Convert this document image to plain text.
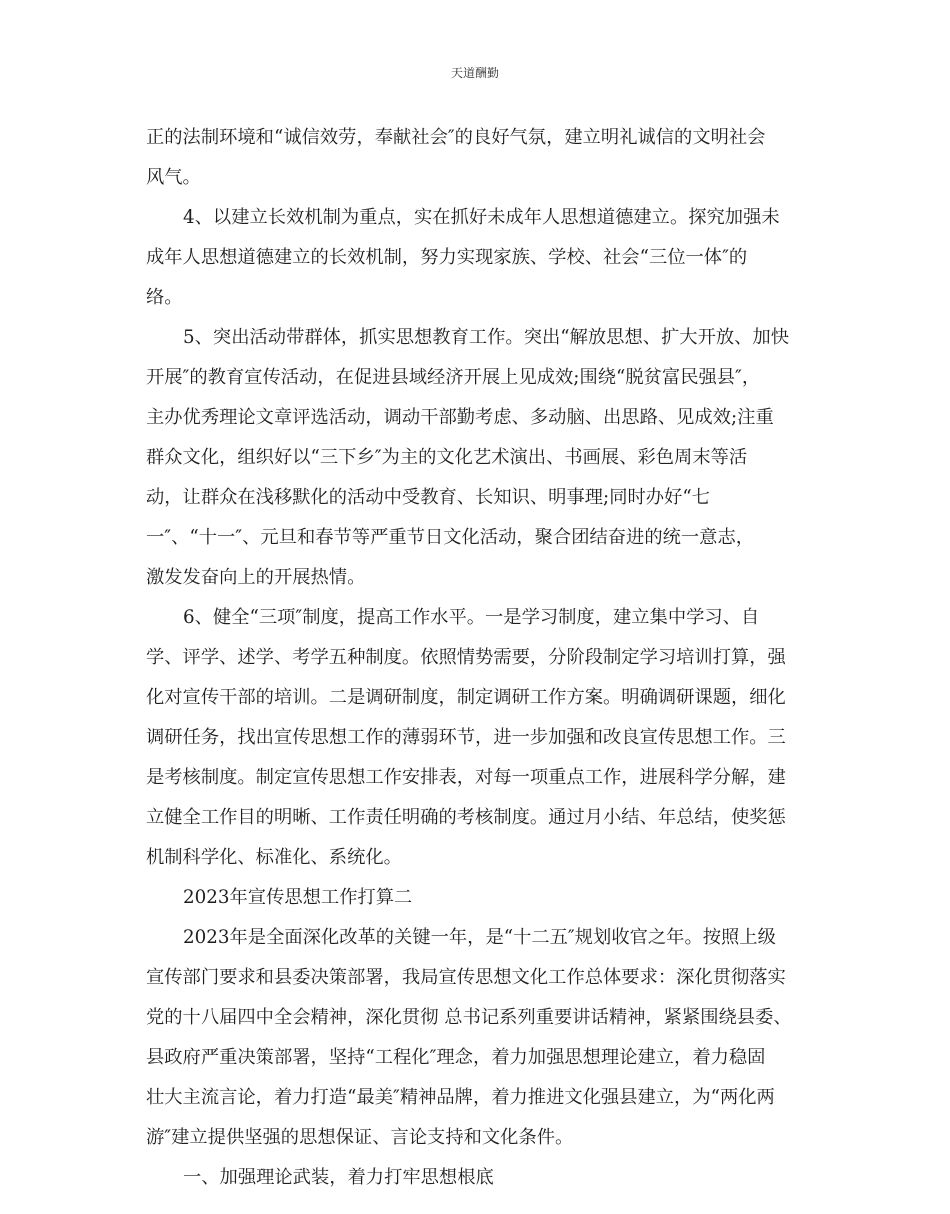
天道酬勤
正的法制环境和“诚信效劳，奉献社会″的良好气氛，建立明礼诚信的文明社会
风气。
4、以建立长效机制为重点，实在抓好未成年人思想道德建立。探究加强未
成年人思想道德建立的长效机制，努力实现家族、学校、社会“三位一体″的
络。
5、突出活动带群体，抓实思想教育工作。突出“解放思想、扩大开放、加快
开展″的教育宣传活动，在促进县域经济开展上见成效;围绕“脱贫富民强县″，
主办优秀理论文章评选活动，调动干部勤考虑、多动脑、出思路、见成效;注重
群众文化，组织好以“三下乡″为主的文化艺术演出、书画展、彩色周末等活
动，让群众在浅移默化的活动中受教育、长知识、明事理;同时办好“七
一″、“十一″、元旦和春节等严重节日文化活动，聚合团结奋进的统一意志，
激发发奋向上的开展热情。
6、健全“三项″制度，提高工作水平。一是学习制度，建立集中学习、自
学、评学、述学、考学五种制度。依照情势需要，分阶段制定学习培训打算，强
化对宣传干部的培训。二是调研制度，制定调研工作方案。明确调研课题，细化
调研任务，找出宣传思想工作的薄弱环节，进一步加强和改良宣传思想工作。三
是考核制度。制定宣传思想工作安排表，对每一项重点工作，进展科学分解，建
立健全工作目的明晰、工作责任明确的考核制度。通过月小结、年总结，使奖惩
机制科学化、标准化、系统化。
2023年宣传思想工作打算二
2023年是全面深化改革的关键一年，是“十二五″规划收官之年。按照上级
宣传部门要求和县委决策部署，我局宣传思想文化工作总体要求：深化贯彻落实
党的十八届四中全会精神，深化贯彻 总书记系列重要讲话精神，紧紧围绕县委、
县政府严重决策部署，坚持“工程化″理念，着力加强思想理论建立，着力稳固
壮大主流言论，着力打造“最美″精神品牌，着力推进文化强县建立，为“两化两
游″建立提供坚强的思想保证、言论支持和文化条件。
一、加强理论武装，着力打牢思想根底
